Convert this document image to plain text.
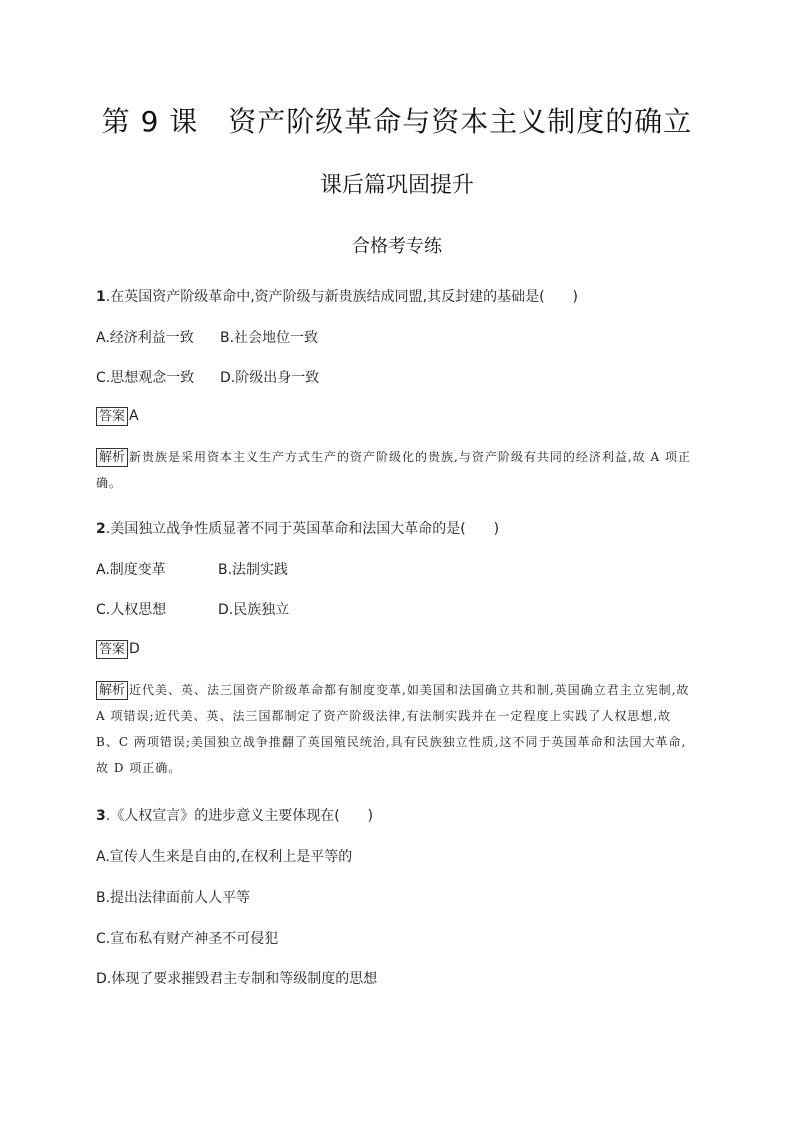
第 9 课 资产阶级革命与资本主义制度的确立
课后篇巩固提升
合格考专练
1.在英国资产阶级革命中,资产阶级与新贵族结成同盟,其反封建的基础是(　　)
A.经济利益一致 B.社会地位一致
C.思想观念一致 D.阶级出身一致
答案 A
解析 新贵族是采用资本主义生产方式生产的资产阶级化的贵族,与资产阶级有共同的经济利益,故 A 项正确。
2.美国独立战争性质显著不同于英国革命和法国大革命的是(　　)
A.制度变革	B.法制实践
C.人权思想	D.民族独立
答案 D
解析 近代美、英、法三国资产阶级革命都有制度变革,如美国和法国确立共和制,英国确立君主立宪制,故 A 项错误;近代美、英、法三国都制定了资产阶级法律,有法制实践并在一定程度上实践了人权思想,故 B、C 两项错误;美国独立战争推翻了英国殖民统治,具有民族独立性质,这不同于英国革命和法国大革命,故 D 项正确。
3.《人权宣言》的进步意义主要体现在(　　)
A.宣传人生来是自由的,在权利上是平等的
B.提出法律面前人人平等
C.宣布私有财产神圣不可侵犯
D.体现了要求摧毁君主专制和等级制度的思想
